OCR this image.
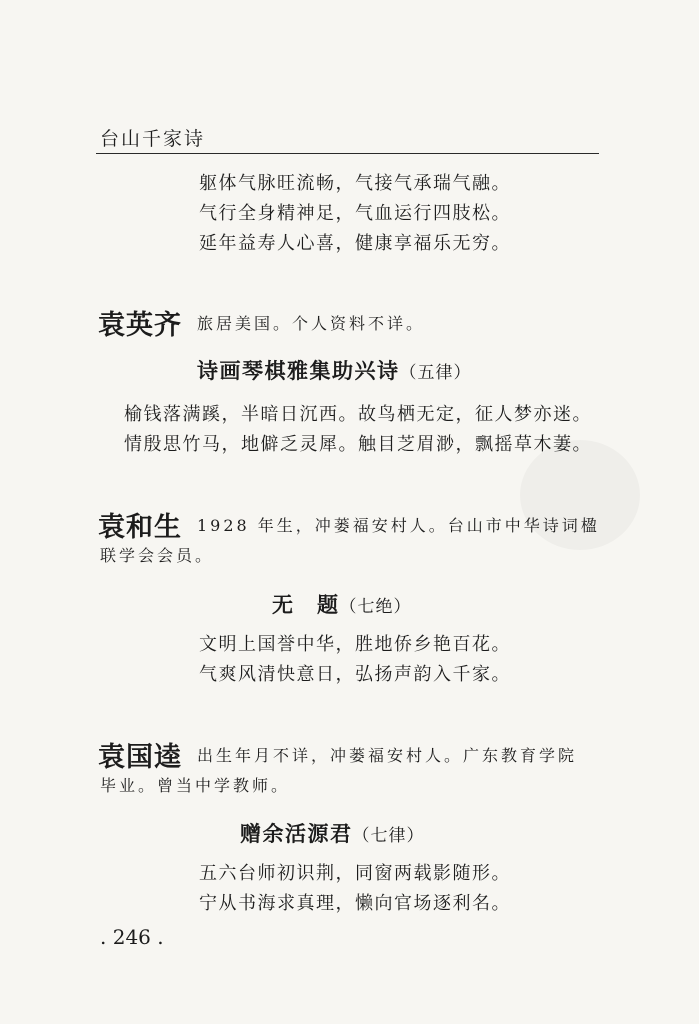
台山千家诗
躯体气脉旺流畅，气接气承瑞气融。
气行全身精神足，气血运行四肢松。
延年益寿人心喜，健康享福乐无穷。
袁英齐 旅居美国。个人资料不详。
诗画琴棋雅集助兴诗（五律）
榆钱落满蹊，半暗日沉西。故鸟栖无定，征人梦亦迷。
情殷思竹马，地僻乏灵犀。触目芝眉渺，飘摇草木萋。
袁和生 1928 年生，冲蒌福安村人。台山市中华诗词楹
联学会会员。
无　题（七绝）
文明上国誉中华，胜地侨乡艳百花。
气爽风清快意日，弘扬声韵入千家。
袁国逵 出生年月不详，冲蒌福安村人。广东教育学院
毕业。曾当中学教师。
赠余活源君（七律）
五六台师初识荆，同窗两载影随形。
宁从书海求真理，懒向官场逐利名。
. 246 .
